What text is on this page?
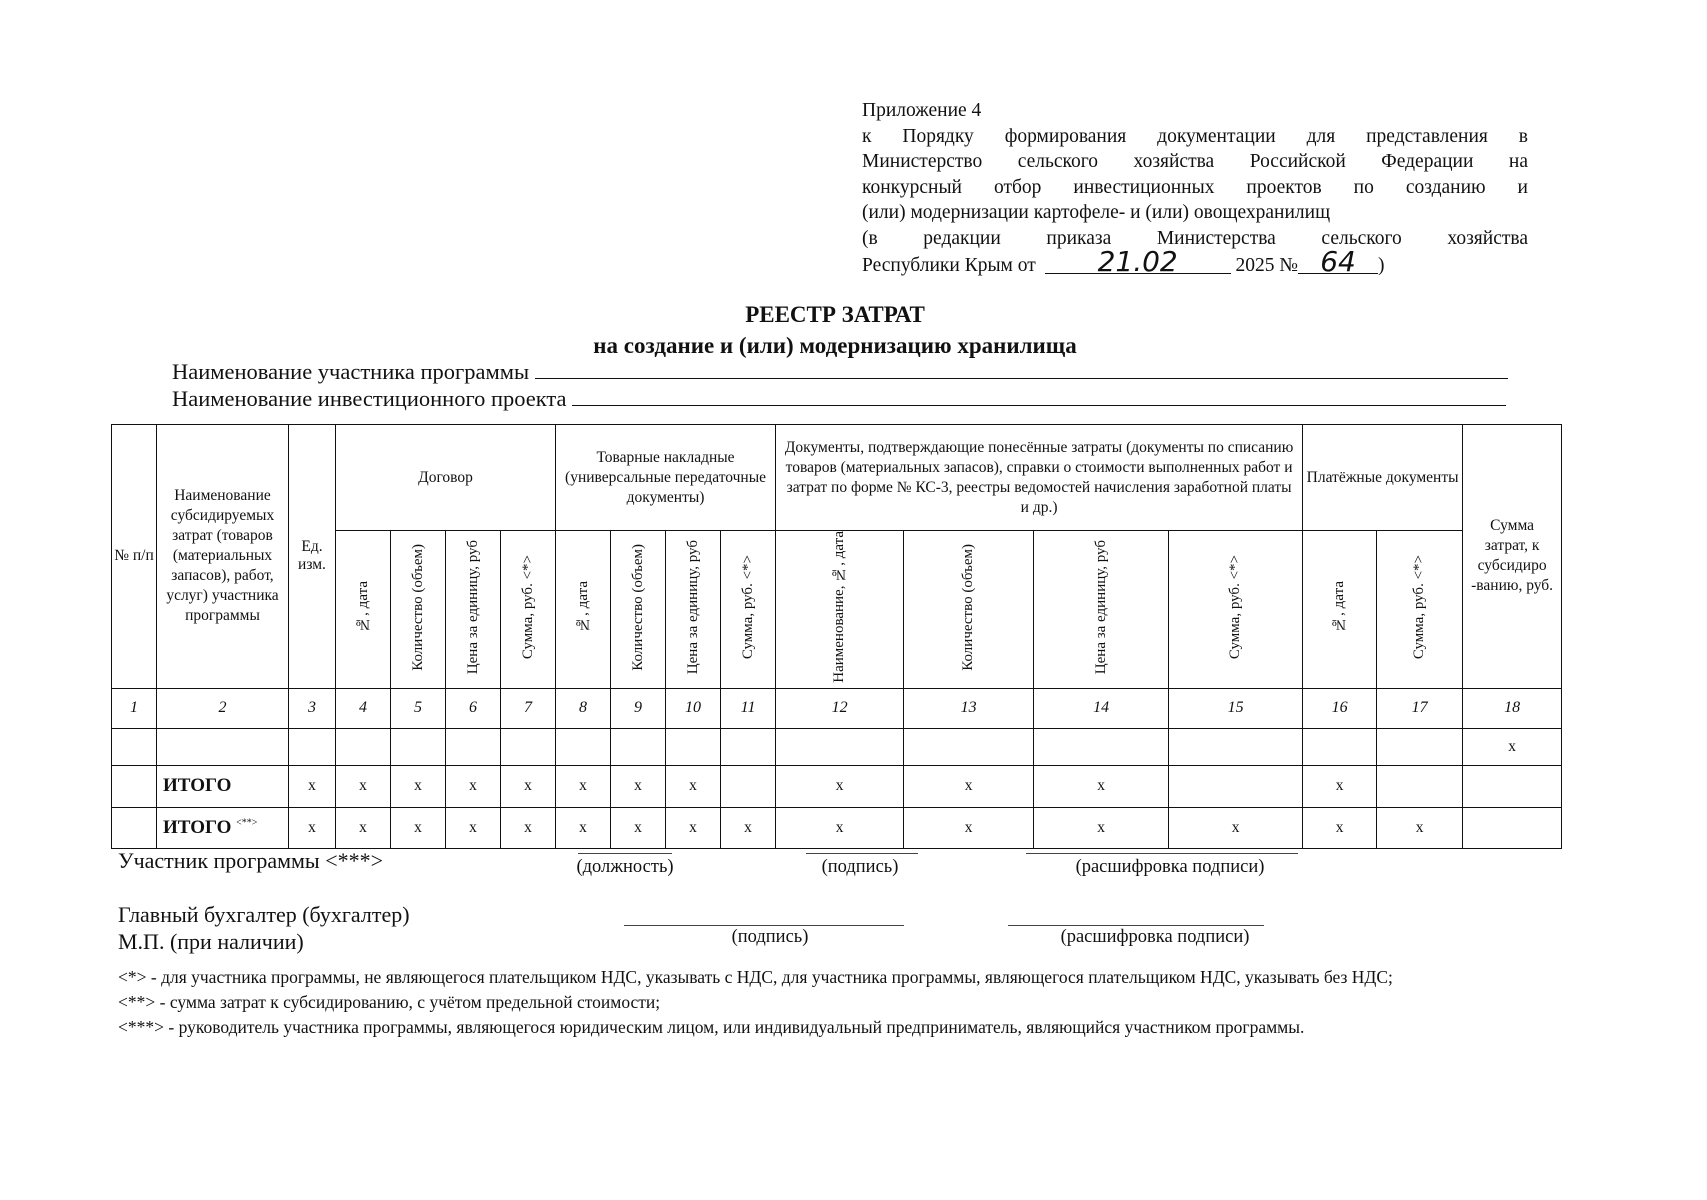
Приложение 4
к Порядку формирования документации для представления в
Министерство сельского хозяйства Российской Федерации на
конкурсный отбор инвестиционных проектов по созданию и
(или) модернизации картофеле- и (или) овощехранилищ
(в редакции приказа Министерства сельского хозяйства
Республики Крым от 21.02	2025 № 64 )
РЕЕСТР ЗАТРАТ
на создание и (или) модернизацию хранилища
Наименование участника программы
Наименование инвестиционного проекта
№ п/п	Наименование субсидируемых затрат (товаров (материальных запасов), работ, услуг) участника программы	Ед. изм.	Договор				Товарные накладные (универсальные передаточные документы)				Документы, подтверждающие понесённые затраты (документы по списанию товаров (материальных запасов), справки о стоимости выполненных работ и затрат по форме № КС-3, реестры ведомостей начисления заработной платы и др.)				Платёжные документы		Сумма затрат, к субсидиро -ванию, руб.
			№, дата	Количество (объем)	Цена за единицу, руб	Сумма, руб. <*>	№, дата	Количество (объем)	Цена за единицу, руб	Сумма, руб. <*>	Наименование, №, дата	Количество (объем)	Цена за единицу, руб	Сумма, руб. <*>	№, дата	Сумма, руб. <*>	
1	2	3	4	5	6	7	8	9	10	11	12	13	14	15	16	17	18
																	x
	ИТОГО	x	x	x	x	x	x	x	x		x	x	x		x		
	ИТОГО <**>	x	x	x	x	x	x	x	x	x	x	x	x	x	x	x	
Участник программы <***>	(должность)	(подпись)	(расшифровка подписи)
Главный бухгалтер (бухгалтер)
М.П. (при наличии)	(подпись)	(расшифровка подписи)
<*> - для участника программы, не являющегося плательщиком НДС, указывать с НДС, для участника программы, являющегося плательщиком НДС, указывать без НДС;
<**> - сумма затрат к субсидированию, с учётом предельной стоимости;
<***> - руководитель участника программы, являющегося юридическим лицом, или индивидуальный предприниматель, являющийся участником программы.
